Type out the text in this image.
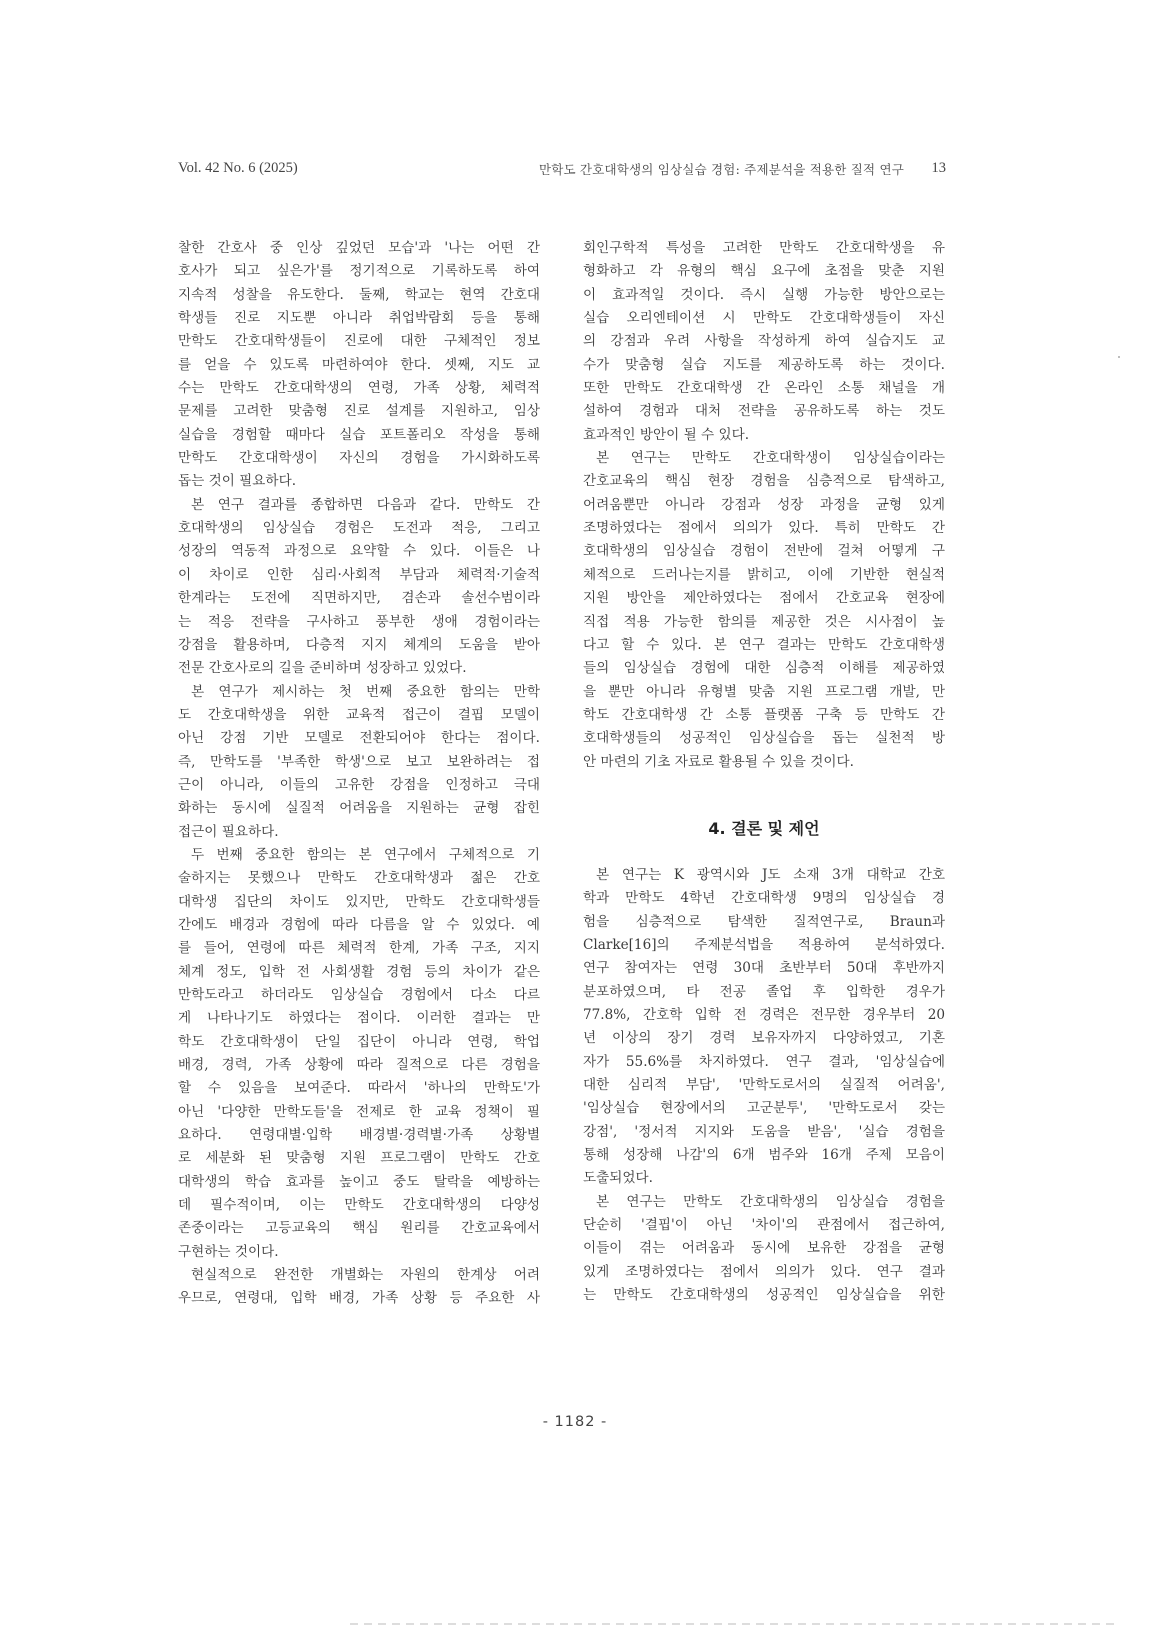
Vol. 42 No. 6 (2025)	만학도 간호대학생의 임상실습 경험: 주제분석을 적용한 질적 연구 13
찰한 간호사 중 인상 깊었던 모습'과 '나는 어떤 간
호사가 되고 싶은가'를 정기적으로 기록하도록 하여
지속적 성찰을 유도한다. 둘째, 학교는 현역 간호대
학생들 진로 지도뿐 아니라 취업박람회 등을 통해
만학도 간호대학생들이 진로에 대한 구체적인 정보
를 얻을 수 있도록 마련하여야 한다. 셋째, 지도 교
수는 만학도 간호대학생의 연령, 가족 상황, 체력적
문제를 고려한 맞춤형 진로 설계를 지원하고, 임상
실습을 경험할 때마다 실습 포트폴리오 작성을 통해
만학도 간호대학생이 자신의 경험을 가시화하도록
돕는 것이 필요하다.
본 연구 결과를 종합하면 다음과 같다. 만학도 간
호대학생의 임상실습 경험은 도전과 적응, 그리고
성장의 역동적 과정으로 요약할 수 있다. 이들은 나
이 차이로 인한 심리·사회적 부담과 체력적·기술적
한계라는 도전에 직면하지만, 겸손과 솔선수범이라
는 적응 전략을 구사하고 풍부한 생애 경험이라는
강점을 활용하며, 다층적 지지 체계의 도움을 받아
전문 간호사로의 길을 준비하며 성장하고 있었다.
본 연구가 제시하는 첫 번째 중요한 함의는 만학
도 간호대학생을 위한 교육적 접근이 결핍 모델이
아닌 강점 기반 모델로 전환되어야 한다는 점이다.
즉, 만학도를 '부족한 학생'으로 보고 보완하려는 접
근이 아니라, 이들의 고유한 강점을 인정하고 극대
화하는 동시에 실질적 어려움을 지원하는 균형 잡힌
접근이 필요하다.
두 번째 중요한 함의는 본 연구에서 구체적으로 기
술하지는 못했으나 만학도 간호대학생과 젊은 간호
대학생 집단의 차이도 있지만, 만학도 간호대학생들
간에도 배경과 경험에 따라 다름을 알 수 있었다. 예
를 들어, 연령에 따른 체력적 한계, 가족 구조, 지지
체계 정도, 입학 전 사회생활 경험 등의 차이가 같은
만학도라고 하더라도 임상실습 경험에서 다소 다르
게 나타나기도 하였다는 점이다. 이러한 결과는 만
학도 간호대학생이 단일 집단이 아니라 연령, 학업
배경, 경력, 가족 상황에 따라 질적으로 다른 경험을
할 수 있음을 보여준다. 따라서 '하나의 만학도'가
아닌 '다양한 만학도들'을 전제로 한 교육 정책이 필
요하다. 연령대별·입학 배경별·경력별·가족 상황별
로 세분화 된 맞춤형 지원 프로그램이 만학도 간호
대학생의 학습 효과를 높이고 중도 탈락을 예방하는
데 필수적이며, 이는 만학도 간호대학생의 다양성
존중이라는 고등교육의 핵심 원리를 간호교육에서
구현하는 것이다.
현실적으로 완전한 개별화는 자원의 한계상 어려
우므로, 연령대, 입학 배경, 가족 상황 등 주요한 사
회인구학적 특성을 고려한 만학도 간호대학생을 유
형화하고 각 유형의 핵심 요구에 초점을 맞춘 지원
이 효과적일 것이다. 즉시 실행 가능한 방안으로는
실습 오리엔테이션 시 만학도 간호대학생들이 자신
의 강점과 우려 사항을 작성하게 하여 실습지도 교
수가 맞춤형 실습 지도를 제공하도록 하는 것이다.
또한 만학도 간호대학생 간 온라인 소통 채널을 개
설하여 경험과 대처 전략을 공유하도록 하는 것도
효과적인 방안이 될 수 있다.
본 연구는 만학도 간호대학생이 임상실습이라는
간호교육의 핵심 현장 경험을 심층적으로 탐색하고,
어려움뿐만 아니라 강점과 성장 과정을 균형 있게
조명하였다는 점에서 의의가 있다. 특히 만학도 간
호대학생의 임상실습 경험이 전반에 걸쳐 어떻게 구
체적으로 드러나는지를 밝히고, 이에 기반한 현실적
지원 방안을 제안하였다는 점에서 간호교육 현장에
직접 적용 가능한 함의를 제공한 것은 시사점이 높
다고 할 수 있다. 본 연구 결과는 만학도 간호대학생
들의 임상실습 경험에 대한 심층적 이해를 제공하였
을 뿐만 아니라 유형별 맞춤 지원 프로그램 개발, 만
학도 간호대학생 간 소통 플랫폼 구축 등 만학도 간
호대학생들의 성공적인 임상실습을 돕는 실천적 방
안 마련의 기초 자료로 활용될 수 있을 것이다.
4. 결론 및 제언
본 연구는 K 광역시와 J도 소재 3개 대학교 간호
학과 만학도 4학년 간호대학생 9명의 임상실습 경
험을 심층적으로 탐색한 질적연구로, Braun과
Clarke[16]의 주제분석법을 적용하여 분석하였다.
연구 참여자는 연령 30대 초반부터 50대 후반까지
분포하였으며, 타 전공 졸업 후 입학한 경우가
77.8%, 간호학 입학 전 경력은 전무한 경우부터 20
년 이상의 장기 경력 보유자까지 다양하였고, 기혼
자가 55.6%를 차지하였다. 연구 결과, '임상실습에
대한 심리적 부담', '만학도로서의 실질적 어려움',
'임상실습 현장에서의 고군분투', '만학도로서 갖는
강점', '정서적 지지와 도움을 받음', '실습 경험을
통해 성장해 나감'의 6개 범주와 16개 주제 모음이
도출되었다.
본 연구는 만학도 간호대학생의 임상실습 경험을
단순히 '결핍'이 아닌 '차이'의 관점에서 접근하여,
이들이 겪는 어려움과 동시에 보유한 강점을 균형
있게 조명하였다는 점에서 의의가 있다. 연구 결과
는 만학도 간호대학생의 성공적인 임상실습을 위한
- 1182 -
